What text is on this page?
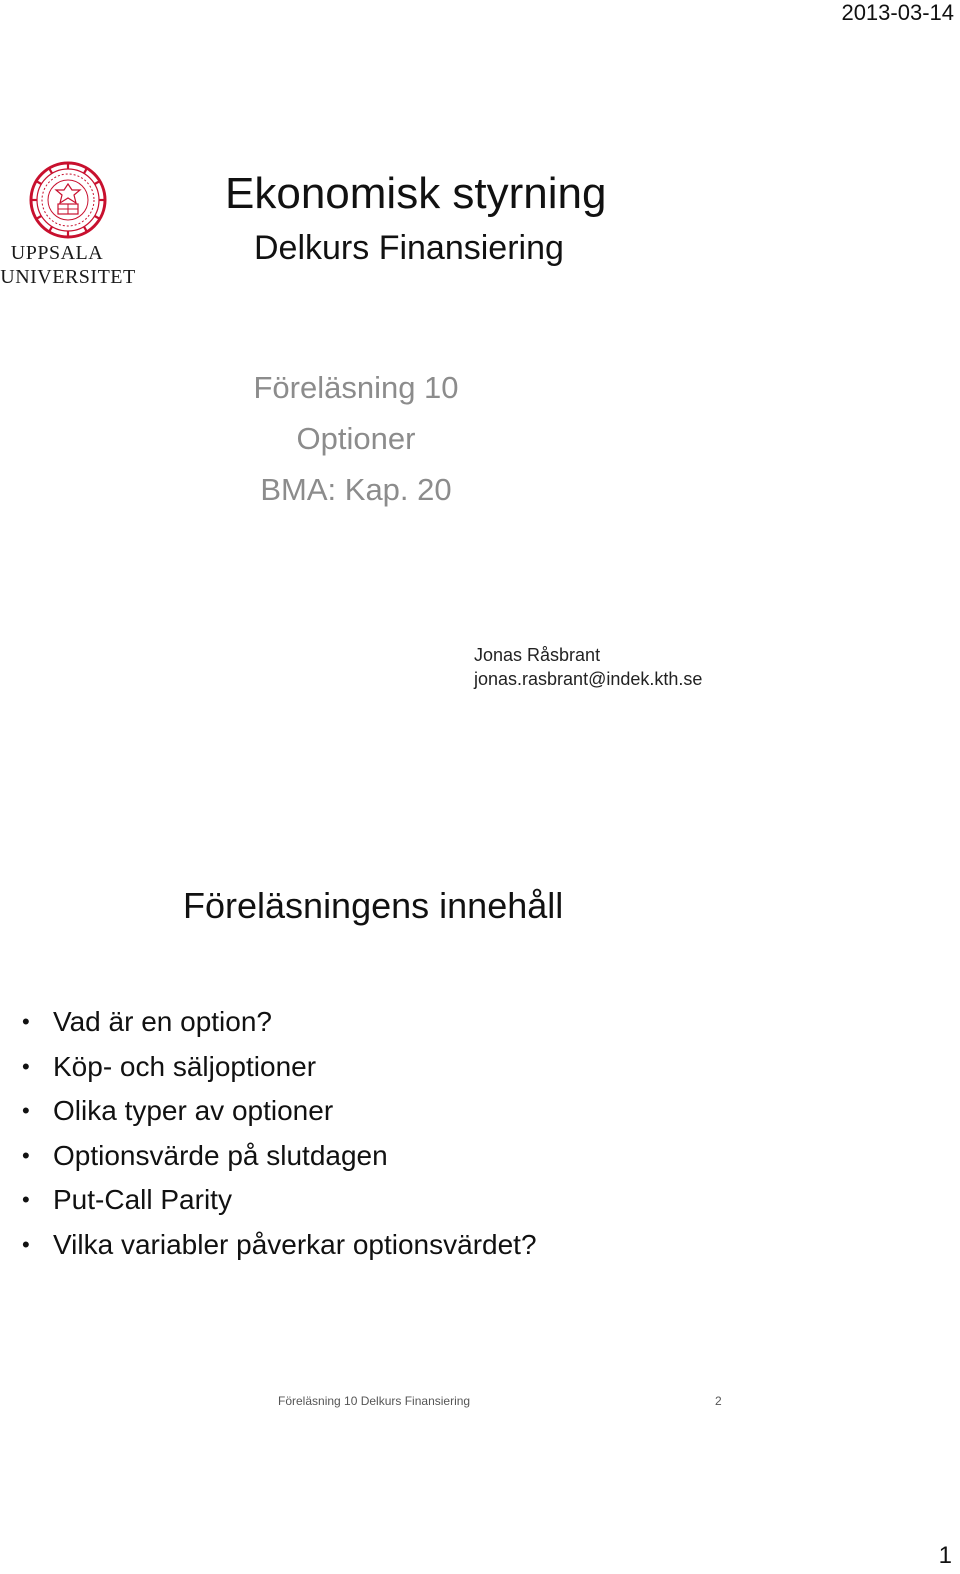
2013-03-14
UPPSALA
UNIVERSITET
Ekonomisk styrning
Delkurs Finansiering
Föreläsning 10
Optioner
BMA: Kap. 20
Jonas Råsbrant
jonas.rasbrant@indek.kth.se
Föreläsningens innehåll
• Vad är en option?
• Köp- och säljoptioner
• Olika typer av optioner
• Optionsvärde på slutdagen
• Put-Call Parity
• Vilka variabler påverkar optionsvärdet?
Föreläsning 10 Delkurs Finansiering	2
1
